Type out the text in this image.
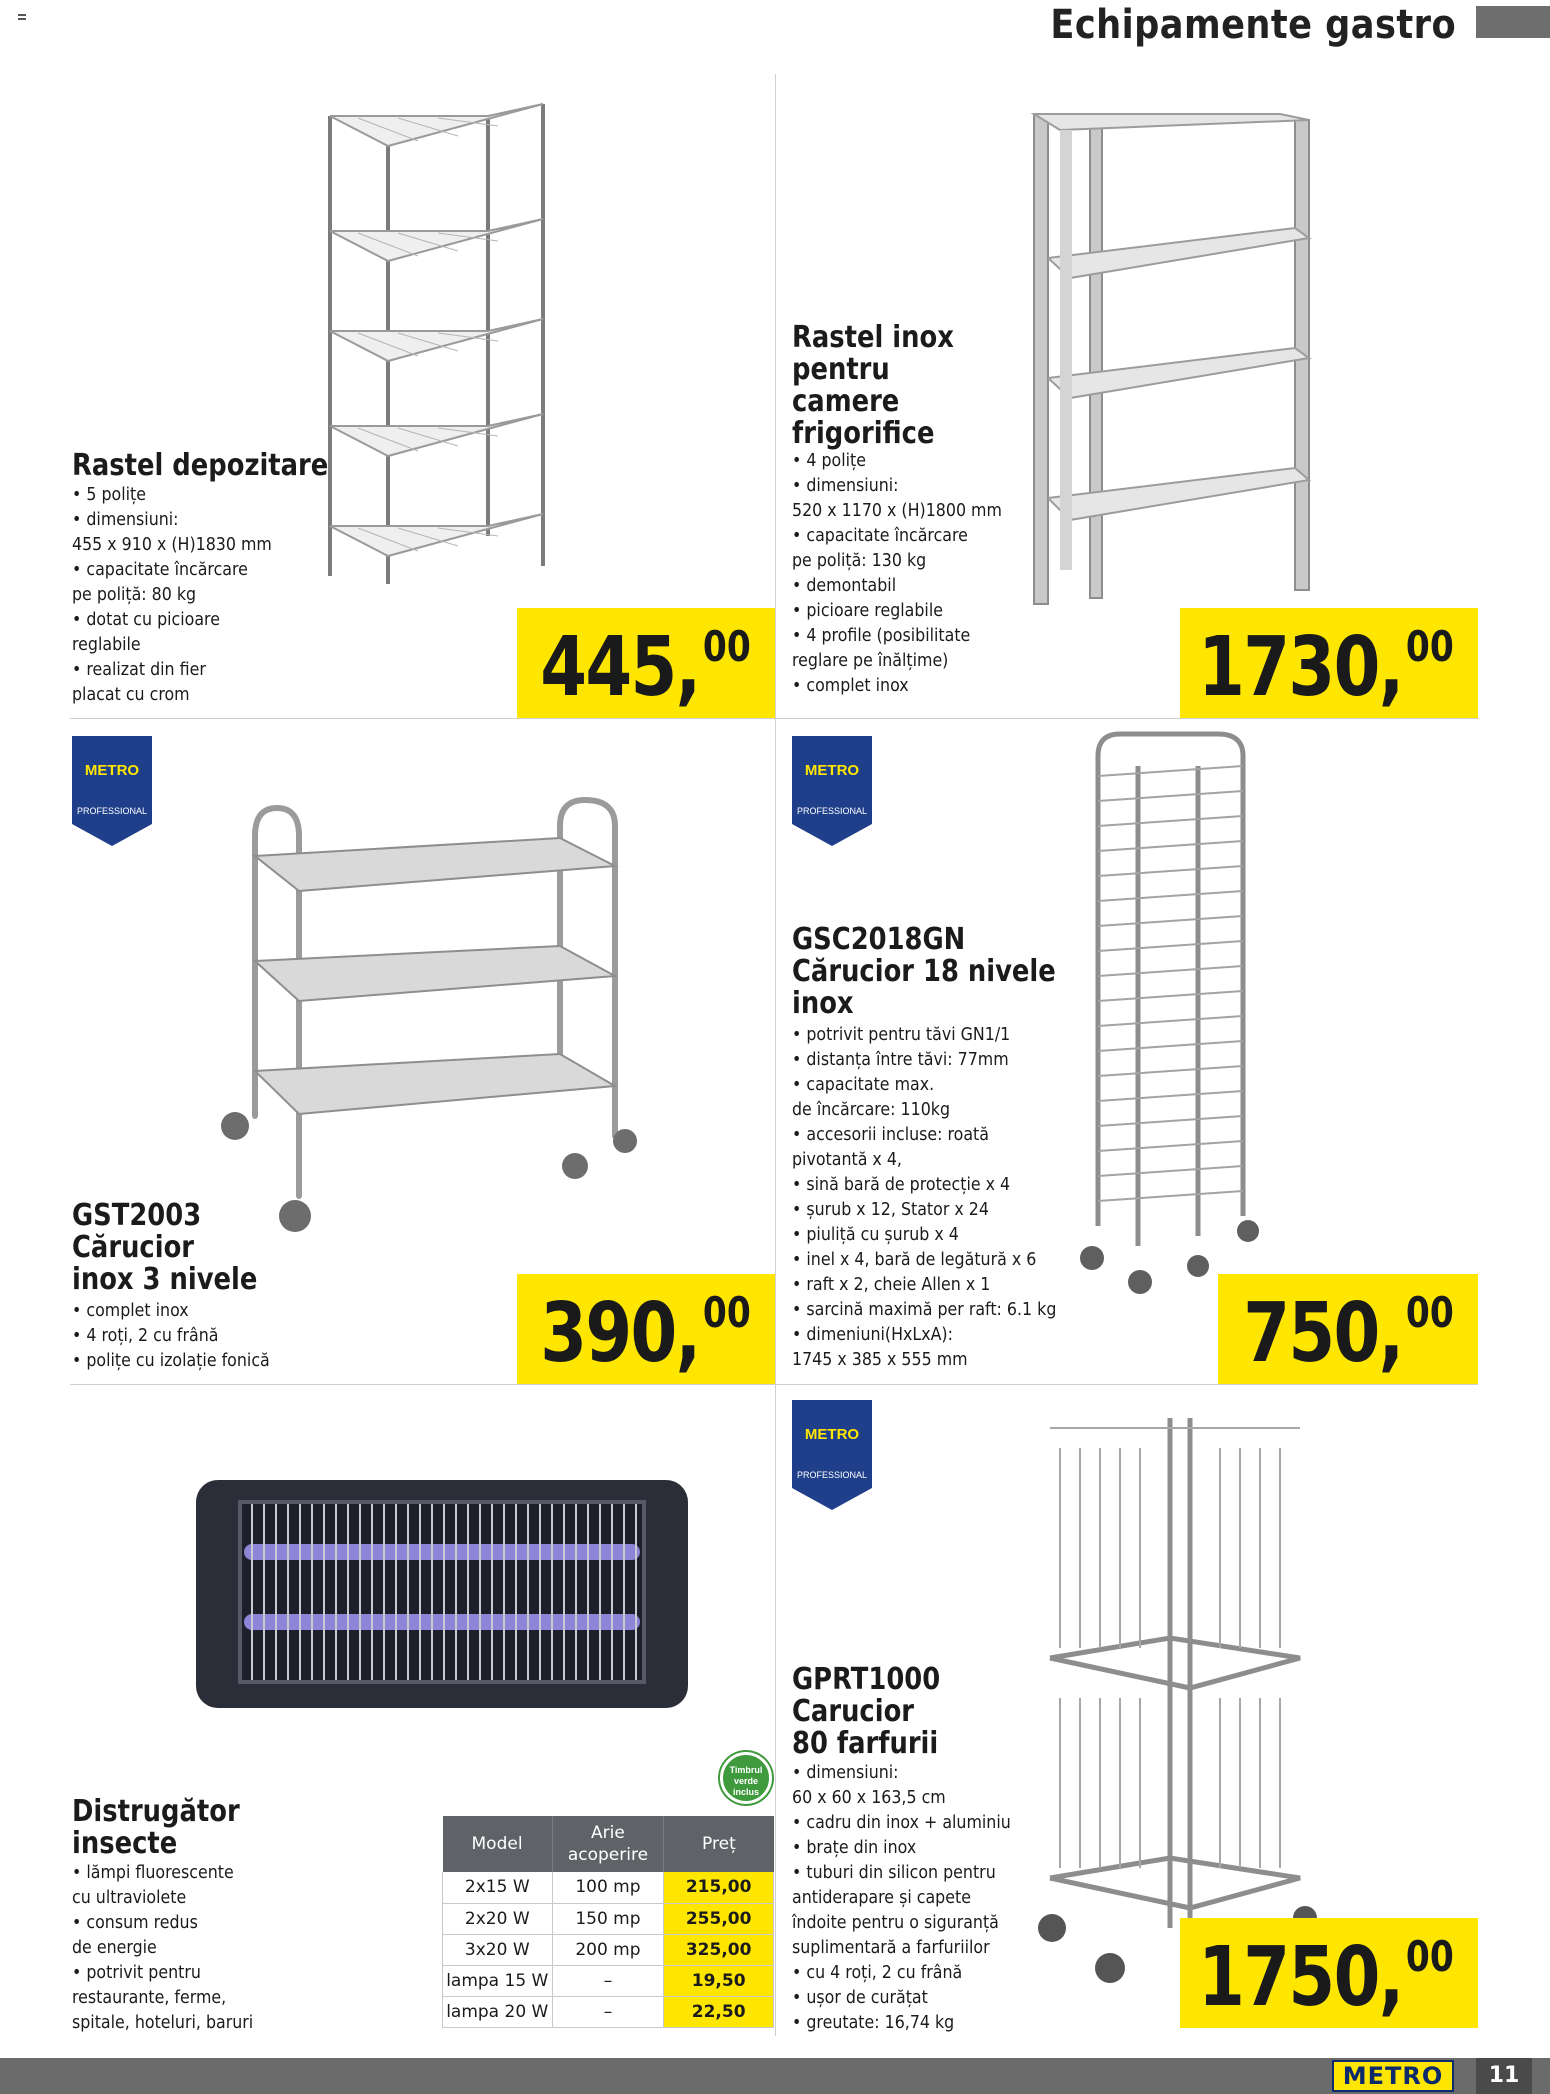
Echipamente gastro
Rastel depozitare
• 5 polițe
• dimensiuni:
455 x 910 x (H)1830 mm
• capacitate încărcare
pe poliță: 80 kg
• dotat cu picioare
reglabile
• realizat din fier
placat cu crom	445,00
Rastel inox
pentru
camere
frigorifice
• 4 polițe
• dimensiuni:
520 x 1170 x (H)1800 mm
• capacitate încărcare
pe poliță: 130 kg
• demontabil
• picioare reglabile
• 4 profile (posibilitate
reglare pe înălțime)
• complet inox	1730,00
METRO
PROFESSIONAL
METRO
PROFESSIONAL
METRO
PROFESSIONAL
GST2003
Cărucior
inox 3 nivele
• complet inox
• 4 roți, 2 cu frână
• polițe cu izolație fonică	390,00
GSC2018GN
Cărucior 18 nivele
inox
• potrivit pentru tăvi GN1/1
• distanța între tăvi: 77mm
• capacitate max.
de încărcare: 110kg
• accesorii incluse: roată
pivotantă x 4,
• sină bară de protecție x 4
• șurub x 12, Stator x 24
• piuliță cu șurub x 4
• inel x 4, bară de legătură x 6
• raft x 2, cheie Allen x 1
• sarcină maximă per raft: 6.1 kg
• dimeniuni(HxLxA):
1745 x 385 x 555 mm	750,00
Distrugător
insecte
• lămpi fluorescente
cu ultraviolete
• consum redus
de energie
• potrivit pentru
restaurante, ferme,
spitale, hoteluri, baruri
Timbrul
verde
inclus
Model	Arie acoperire	Preț
2x15 W	100 mp	215,00
2x20 W	150 mp	255,00
3x20 W	200 mp	325,00
lampa 15 W	–	19,50
lampa 20 W	–	22,50
GPRT1000
Carucior
80 farfurii
• dimensiuni:
60 x 60 x 163,5 cm
• cadru din inox + aluminiu
• brațe din inox
• tuburi din silicon pentru
antiderapare și capete
îndoite pentru o siguranță
suplimentară a farfuriilor
• cu 4 roți, 2 cu frână
• ușor de curățat
• greutate: 16,74 kg	1750,00
METRO	11
